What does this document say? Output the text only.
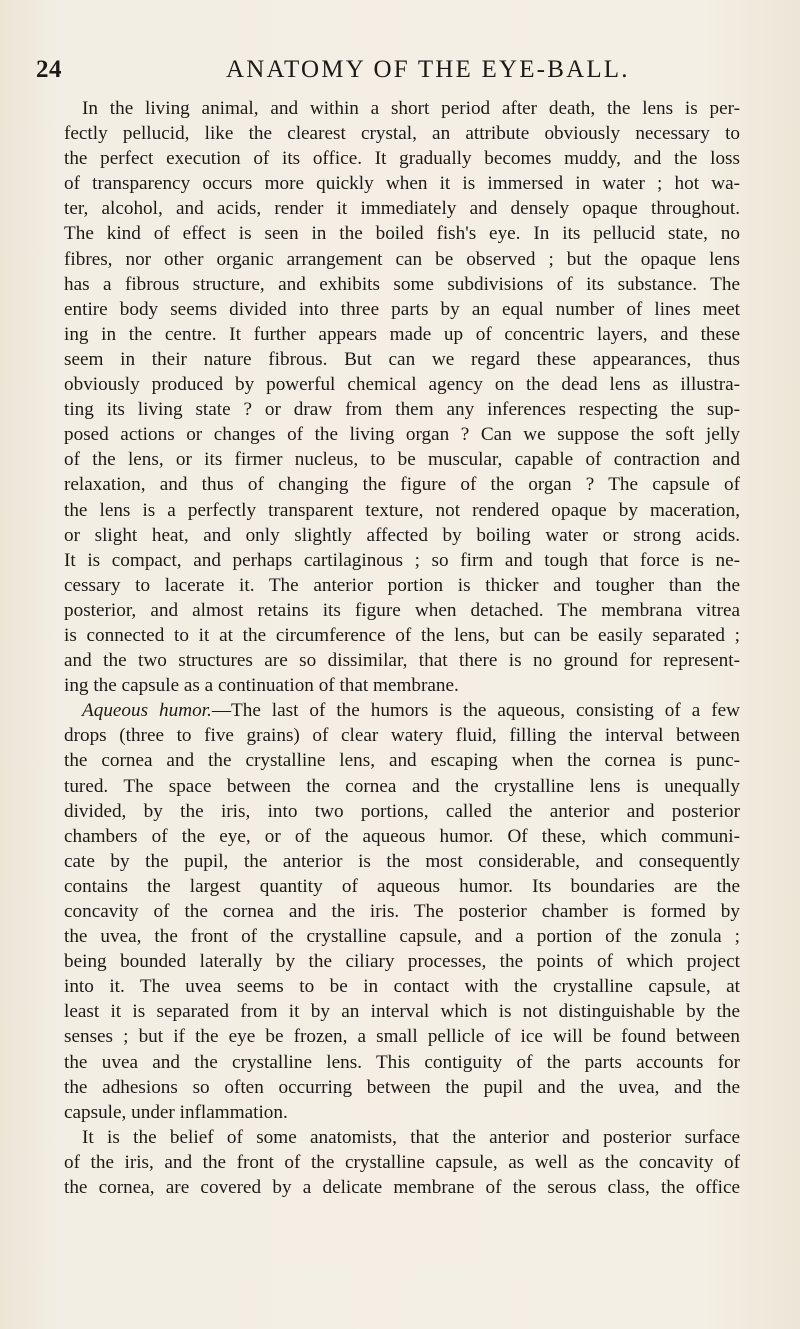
24	ANATOMY OF THE EYE-BALL.
In the living animal, and within a short period after death, the lens is per-
fectly pellucid, like the clearest crystal, an attribute obviously necessary to
the perfect execution of its office. It gradually becomes muddy, and the loss
of transparency occurs more quickly when it is immersed in water ; hot wa-
ter, alcohol, and acids, render it immediately and densely opaque throughout.
The kind of effect is seen in the boiled fish's eye. In its pellucid state, no
fibres, nor other organic arrangement can be observed ; but the opaque lens
has a fibrous structure, and exhibits some subdivisions of its substance. The
entire body seems divided into three parts by an equal number of lines meet
ing in the centre. It further appears made up of concentric layers, and these
seem in their nature fibrous. But can we regard these appearances, thus
obviously produced by powerful chemical agency on the dead lens as illustra-
ting its living state ? or draw from them any inferences respecting the sup-
posed actions or changes of the living organ ? Can we suppose the soft jelly
of the lens, or its firmer nucleus, to be muscular, capable of contraction and
relaxation, and thus of changing the figure of the organ ? The capsule of
the lens is a perfectly transparent texture, not rendered opaque by maceration,
or slight heat, and only slightly affected by boiling water or strong acids.
It is compact, and perhaps cartilaginous ; so firm and tough that force is ne-
cessary to lacerate it. The anterior portion is thicker and tougher than the
posterior, and almost retains its figure when detached. The membrana vitrea
is connected to it at the circumference of the lens, but can be easily separated ;
and the two structures are so dissimilar, that there is no ground for represent-
ing the capsule as a continuation of that membrane.
Aqueous humor.—The last of the humors is the aqueous, consisting of a few
drops (three to five grains) of clear watery fluid, filling the interval between
the cornea and the crystalline lens, and escaping when the cornea is punc-
tured. The space between the cornea and the crystalline lens is unequally
divided, by the iris, into two portions, called the anterior and posterior
chambers of the eye, or of the aqueous humor. Of these, which communi-
cate by the pupil, the anterior is the most considerable, and consequently
contains the largest quantity of aqueous humor. Its boundaries are the
concavity of the cornea and the iris. The posterior chamber is formed by
the uvea, the front of the crystalline capsule, and a portion of the zonula ;
being bounded laterally by the ciliary processes, the points of which project
into it. The uvea seems to be in contact with the crystalline capsule, at
least it is separated from it by an interval which is not distinguishable by the
senses ; but if the eye be frozen, a small pellicle of ice will be found between
the uvea and the crystalline lens. This contiguity of the parts accounts for
the adhesions so often occurring between the pupil and the uvea, and the
capsule, under inflammation.
It is the belief of some anatomists, that the anterior and posterior surface
of the iris, and the front of the crystalline capsule, as well as the concavity of
the cornea, are covered by a delicate membrane of the serous class, the office
